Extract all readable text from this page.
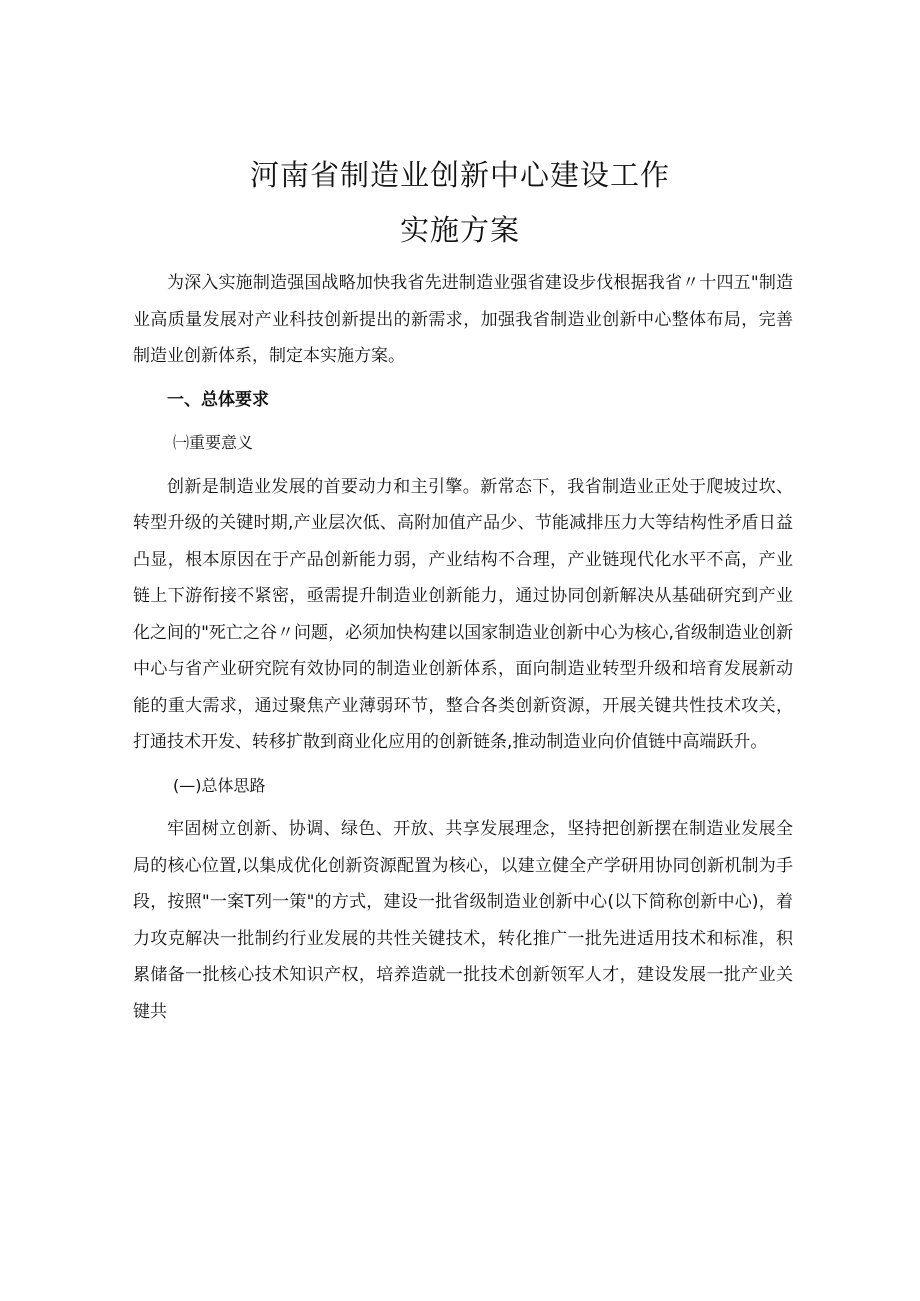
河南省制造业创新中心建设工作
实施方案

为深入实施制造强国战略加快我省先进制造业强省建设步伐根据我省〃十四五"制造业高质量发展对产业科技创新提出的新需求，加强我省制造业创新中心整体布局，完善制造业创新体系，制定本实施方案。

一、总体要求

㈠重要意义

创新是制造业发展的首要动力和主引擎。新常态下，我省制造业正处于爬坡过坎、转型升级的关键时期,产业层次低、高附加值产品少、节能减排压力大等结构性矛盾日益凸显，根本原因在于产品创新能力弱，产业结构不合理，产业链现代化水平不高，产业链上下游衔接不紧密，亟需提升制造业创新能力，通过协同创新解决从基础研究到产业化之间的"死亡之谷〃问题，必须加快构建以国家制造业创新中心为核心,省级制造业创新中心与省产业研究院有效协同的制造业创新体系，面向制造业转型升级和培育发展新动能的重大需求，通过聚焦产业薄弱环节，整合各类创新资源，开展关键共性技术攻关，打通技术开发、转移扩散到商业化应用的创新链条,推动制造业向价值链中高端跃升。

(—)总体思路

牢固树立创新、协调、绿色、开放、共享发展理念，坚持把创新摆在制造业发展全局的核心位置,以集成优化创新资源配置为核心，以建立健全产学研用协同创新机制为手段，按照"一案T列一策"的方式，建设一批省级制造业创新中心(以下简称创新中心)，着力攻克解决一批制约行业发展的共性关键技术，转化推广一批先进适用技术和标准，积累储备一批核心技术知识产权，培养造就一批技术创新领军人才，建设发展一批产业关键共
